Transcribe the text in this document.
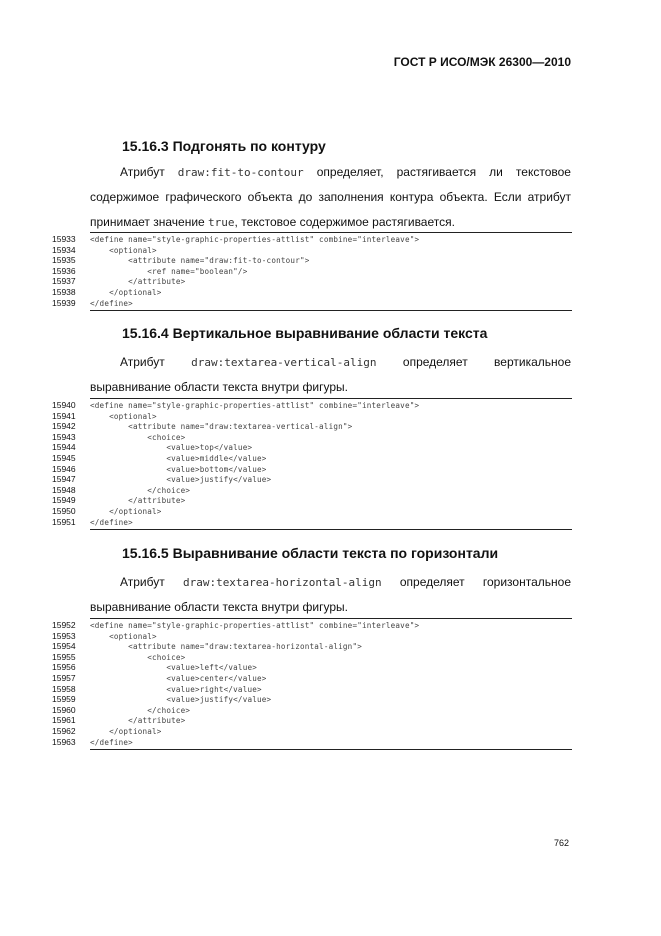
ГОСТ Р ИСО/МЭК 26300—2010
15.16.3 Подгонять по контуру
Атрибут draw:fit-to-contour определяет, растягивается ли текстовое
содержимое графического объекта до заполнения контура объекта. Если атрибут
принимает значение true, текстовое содержимое растягивается.
15933	<define name="style-graphic-properties-attlist" combine="interleave">
15934	<optional>
15935	<attribute name="draw:fit-to-contour">
15936	<ref name="boolean"/>
15937	</attribute>
15938	</optional>
15939	</define>
15.16.4 Вертикальное выравнивание области текста
Атрибут draw:textarea-vertical-align определяет вертикальное
выравнивание области текста внутри фигуры.
15940	<define name="style-graphic-properties-attlist" combine="interleave">
15941	<optional>
15942	<attribute name="draw:textarea-vertical-align">
15943	<choice>
15944	<value>top</value>
15945	<value>middle</value>
15946	<value>bottom</value>
15947	<value>justify</value>
15948	</choice>
15949	</attribute>
15950	</optional>
15951	</define>
15.16.5 Выравнивание области текста по горизонтали
Атрибут draw:textarea-horizontal-align определяет горизонтальное
выравнивание области текста внутри фигуры.
15952	<define name="style-graphic-properties-attlist" combine="interleave">
15953	<optional>
15954	<attribute name="draw:textarea-horizontal-align">
15955	<choice>
15956	<value>left</value>
15957	<value>center</value>
15958	<value>right</value>
15959	<value>justify</value>
15960	</choice>
15961	</attribute>
15962	</optional>
15963	</define>
762
